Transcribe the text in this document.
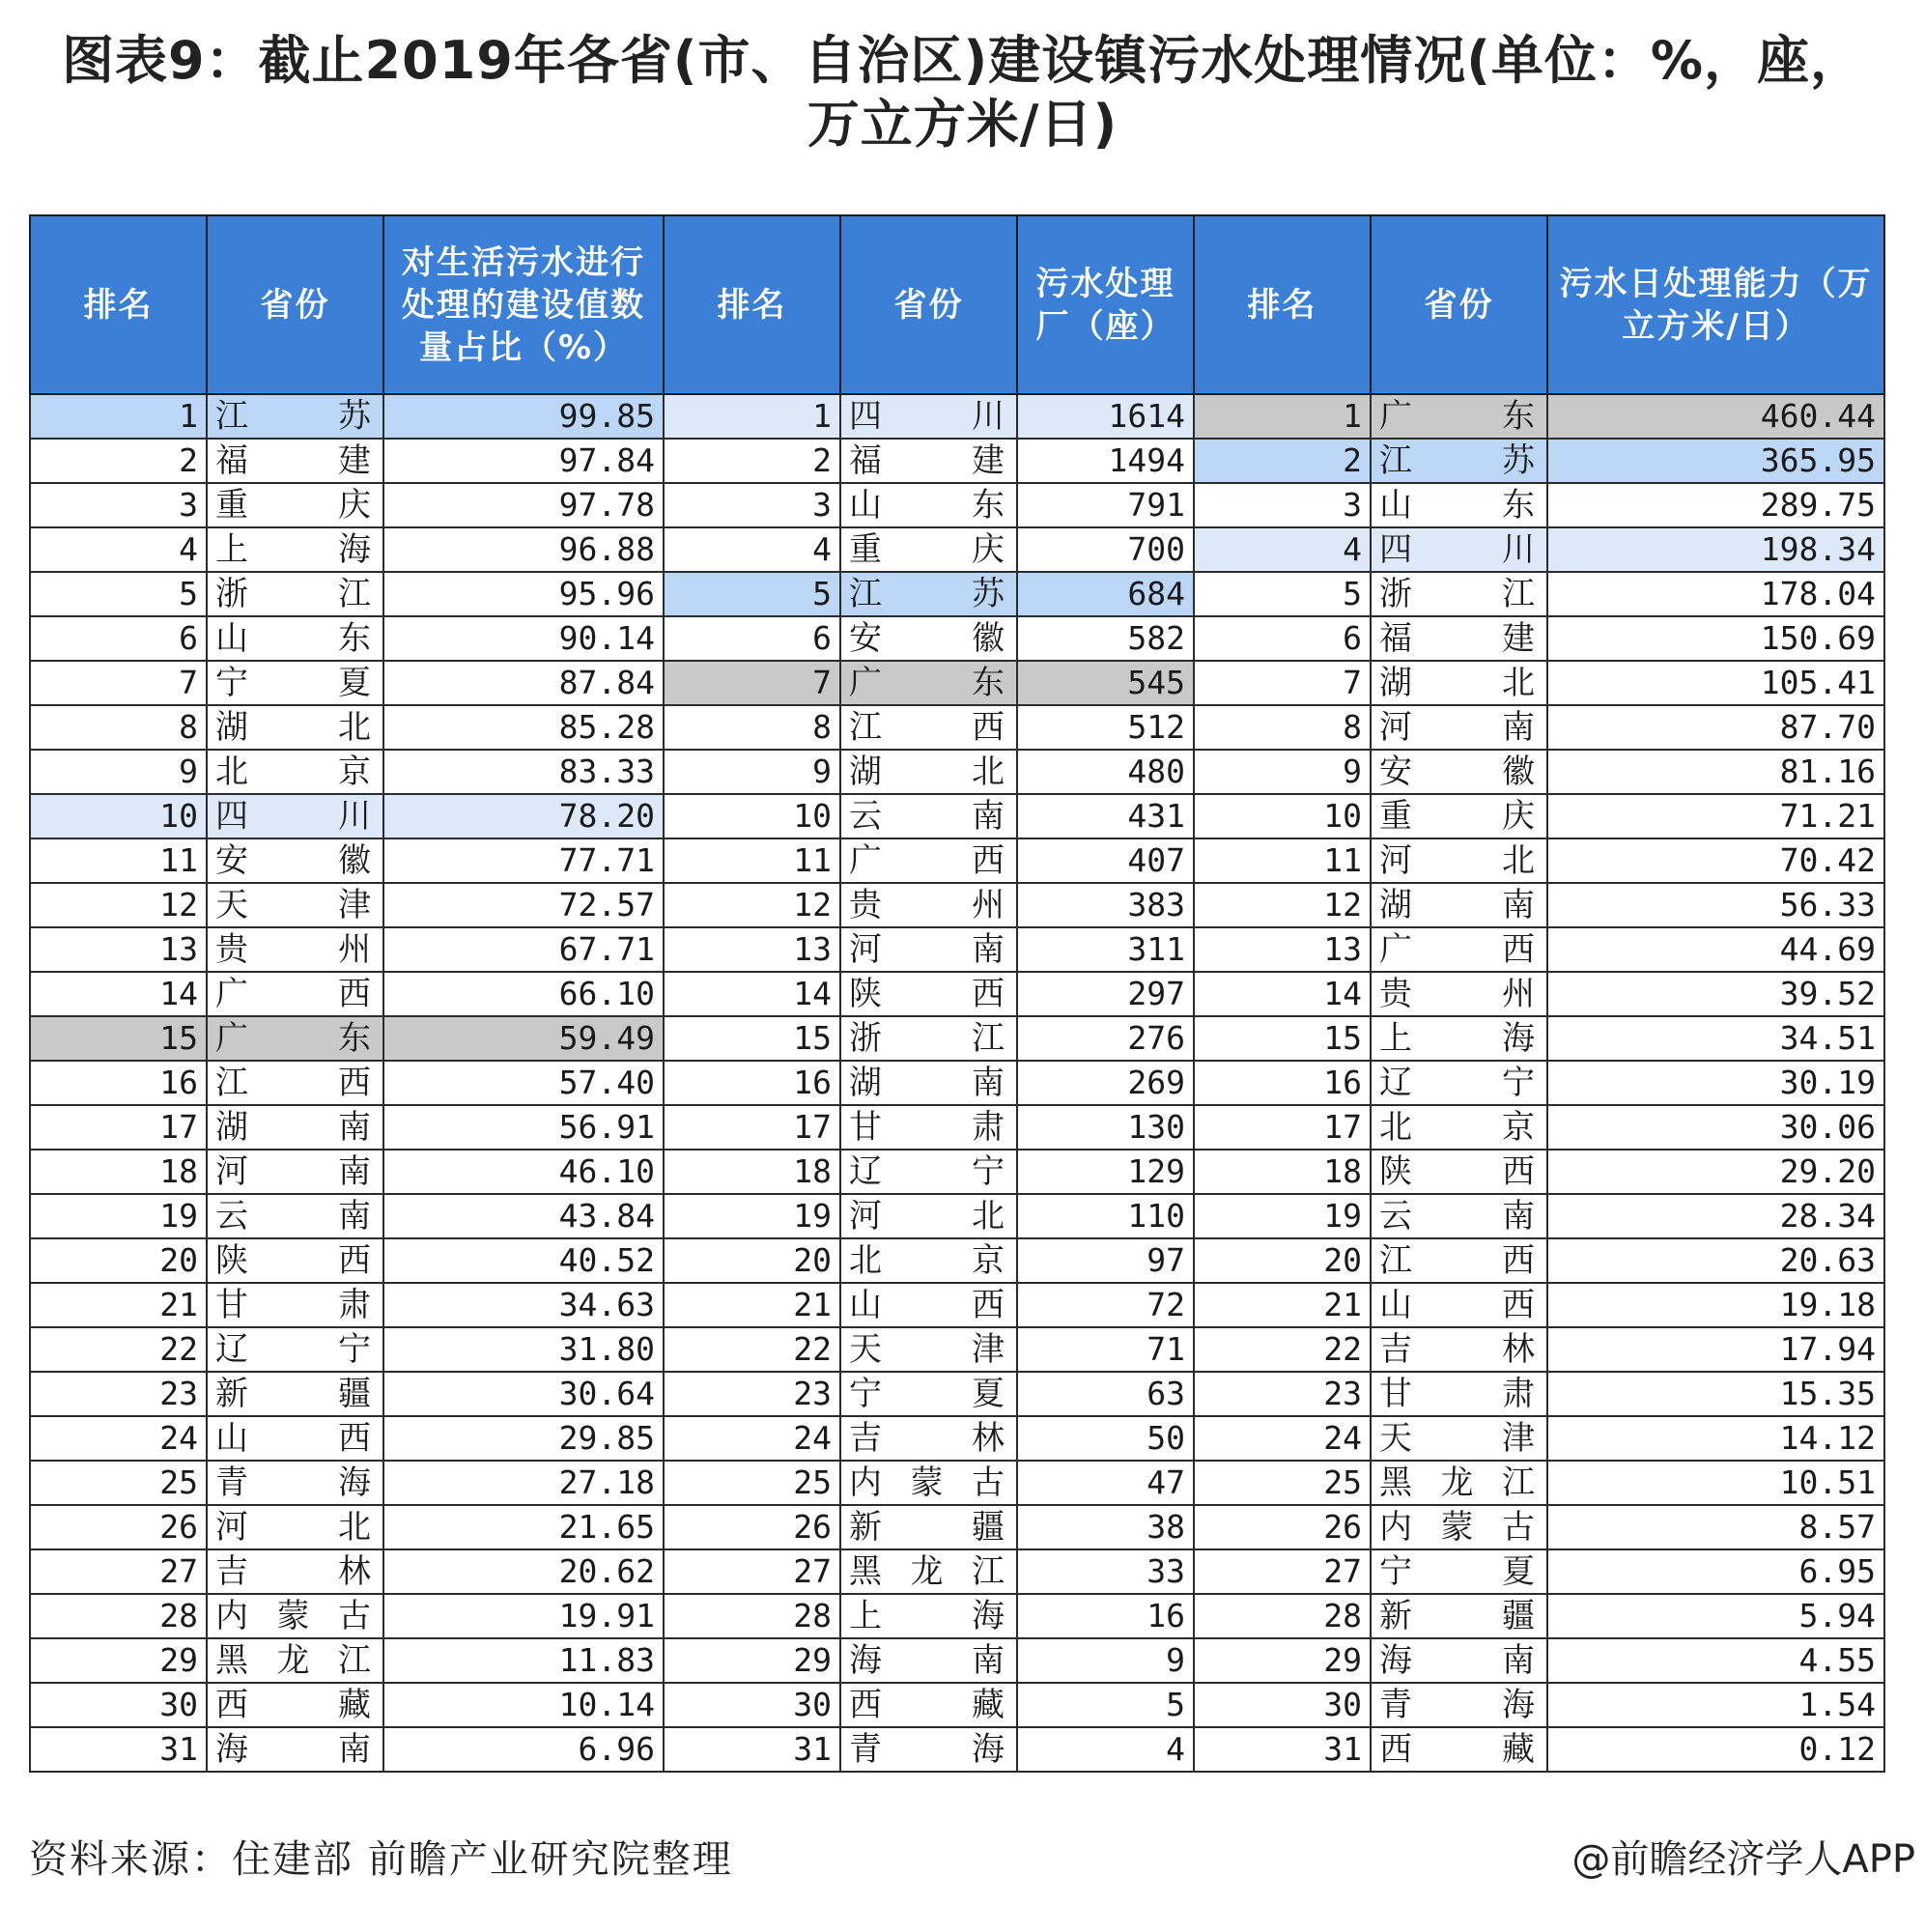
图表9：截止2019年各省(市、自治区)建设镇污水处理情况(单位：%，座，万立方米/日)
排名	省份	对生活污水进行处理的建设值数量占比（%）	排名	省份	污水处理厂（座）	排名	省份	污水日处理能力（万立方米/日）
1	江苏	99.85	1	四川	1614	1	广东	460.44
2	福建	97.84	2	福建	1494	2	江苏	365.95
3	重庆	97.78	3	山东	791	3	山东	289.75
4	上海	96.88	4	重庆	700	4	四川	198.34
5	浙江	95.96	5	江苏	684	5	浙江	178.04
6	山东	90.14	6	安徽	582	6	福建	150.69
7	宁夏	87.84	7	广东	545	7	湖北	105.41
8	湖北	85.28	8	江西	512	8	河南	87.70
9	北京	83.33	9	湖北	480	9	安徽	81.16
10	四川	78.20	10	云南	431	10	重庆	71.21
11	安徽	77.71	11	广西	407	11	河北	70.42
12	天津	72.57	12	贵州	383	12	湖南	56.33
13	贵州	67.71	13	河南	311	13	广西	44.69
14	广西	66.10	14	陕西	297	14	贵州	39.52
15	广东	59.49	15	浙江	276	15	上海	34.51
16	江西	57.40	16	湖南	269	16	辽宁	30.19
17	湖南	56.91	17	甘肃	130	17	北京	30.06
18	河南	46.10	18	辽宁	129	18	陕西	29.20
19	云南	43.84	19	河北	110	19	云南	28.34
20	陕西	40.52	20	北京	97	20	江西	20.63
21	甘肃	34.63	21	山西	72	21	山西	19.18
22	辽宁	31.80	22	天津	71	22	吉林	17.94
23	新疆	30.64	23	宁夏	63	23	甘肃	15.35
24	山西	29.85	24	吉林	50	24	天津	14.12
25	青海	27.18	25	内蒙古	47	25	黑龙江	10.51
26	河北	21.65	26	新疆	38	26	内蒙古	8.57
27	吉林	20.62	27	黑龙江	33	27	宁夏	6.95
28	内蒙古	19.91	28	上海	16	28	新疆	5.94
29	黑龙江	11.83	29	海南	9	29	海南	4.55
30	西藏	10.14	30	西藏	5	30	青海	1.54
31	海南	6.96	31	青海	4	31	西藏	0.12
资料来源：住建部 前瞻产业研究院整理	@前瞻经济学人APP
